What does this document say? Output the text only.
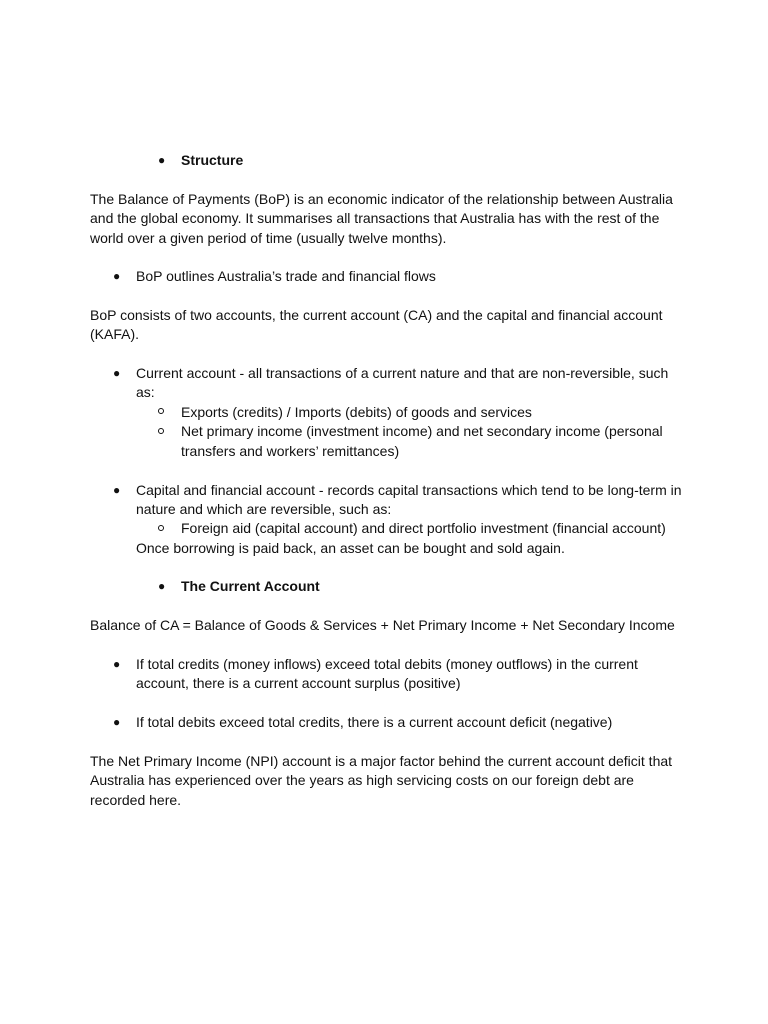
● Structure
The Balance of Payments (BoP) is an economic indicator of the relationship between Australia
and the global economy. It summarises all transactions that Australia has with the rest of the
world over a given period of time (usually twelve months).
● BoP outlines Australia’s trade and financial flows
BoP consists of two accounts, the current account (CA) and the capital and financial account
(KAFA).
● Current account - all transactions of a current nature and that are non-reversible, such
as:
Exports (credits) / Imports (debits) of goods and services
Net primary income (investment income) and net secondary income (personal
transfers and workers’ remittances)
● Capital and financial account - records capital transactions which tend to be long-term in
nature and which are reversible, such as:
Foreign aid (capital account) and direct portfolio investment (financial account)
Once borrowing is paid back, an asset can be bought and sold again.
● The Current Account
Balance of CA = Balance of Goods & Services + Net Primary Income + Net Secondary Income
● If total credits (money inflows) exceed total debits (money outflows) in the current
account, there is a current account surplus (positive)
● If total debits exceed total credits, there is a current account deficit (negative)
The Net Primary Income (NPI) account is a major factor behind the current account deficit that
Australia has experienced over the years as high servicing costs on our foreign debt are
recorded here.
